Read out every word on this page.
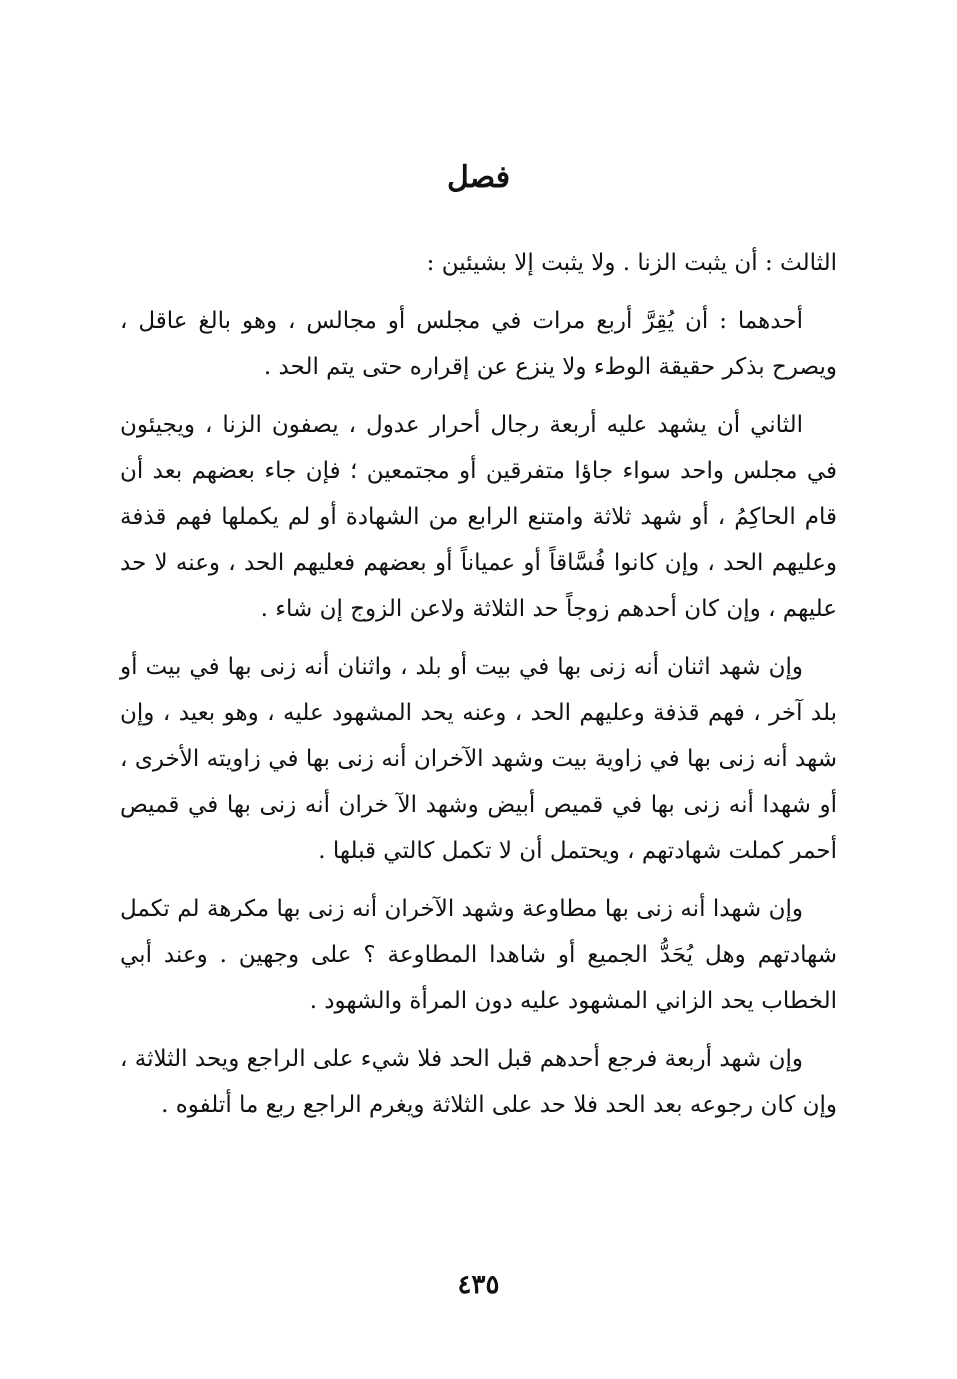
فصل

الثالث : أن يثبت الزنا . ولا يثبت إلا بشيئين :

أحدهما : أن يُقِرَّ أربع مرات في مجلس أو مجالس ، وهو بالغ عاقل ، ويصرح بذكر حقيقة الوطء ولا ينزع عن إقراره حتى يتم الحد .

الثاني أن يشهد عليه أربعة رجال أحرار عدول ، يصفون الزنا ، ويجيئون في مجلس واحد سواء جاؤا متفرقين أو مجتمعين ؛ فإن جاء بعضهم بعد أن قام الحاكِمُ ، أو شهد ثلاثة وامتنع الرابع من الشهادة أو لم يكملها فهم قذفة وعليهم الحد ، وإن كانوا فُسَّاقاً أو عمياناً أو بعضهم فعليهم الحد ، وعنه لا حد عليهم ، وإن كان أحدهم زوجاً حد الثلاثة ولاعن الزوج إن شاء .

وإن شهد اثنان أنه زنى بها في بيت أو بلد ، واثنان أنه زنى بها في بيت أو بلد آخر ، فهم قذفة وعليهم الحد ، وعنه يحد المشهود عليه ، وهو بعيد ، وإن شهد أنه زنى بها في زاوية بيت وشهد الآخران أنه زنى بها في زاويته الأخرى ، أو شهدا أنه زنى بها في قميص أبيض وشهد الآ خران أنه زنى بها في قميص أحمر كملت شهادتهم ، ويحتمل أن لا تكمل كالتي قبلها .

وإن شهدا أنه زنى بها مطاوعة وشهد الآخران أنه زنى بها مكرهة لم تكمل شهادتهم وهل يُحَدُّ الجميع أو شاهدا المطاوعة ؟ على وجهين . وعند أبي الخطاب يحد الزاني المشهود عليه دون المرأة والشهود .

وإن شهد أربعة فرجع أحدهم قبل الحد فلا شيء على الراجع ويحد الثلاثة ، وإن كان رجوعه بعد الحد فلا حد على الثلاثة ويغرم الراجع ربع ما أتلفوه .

٤٣٥
